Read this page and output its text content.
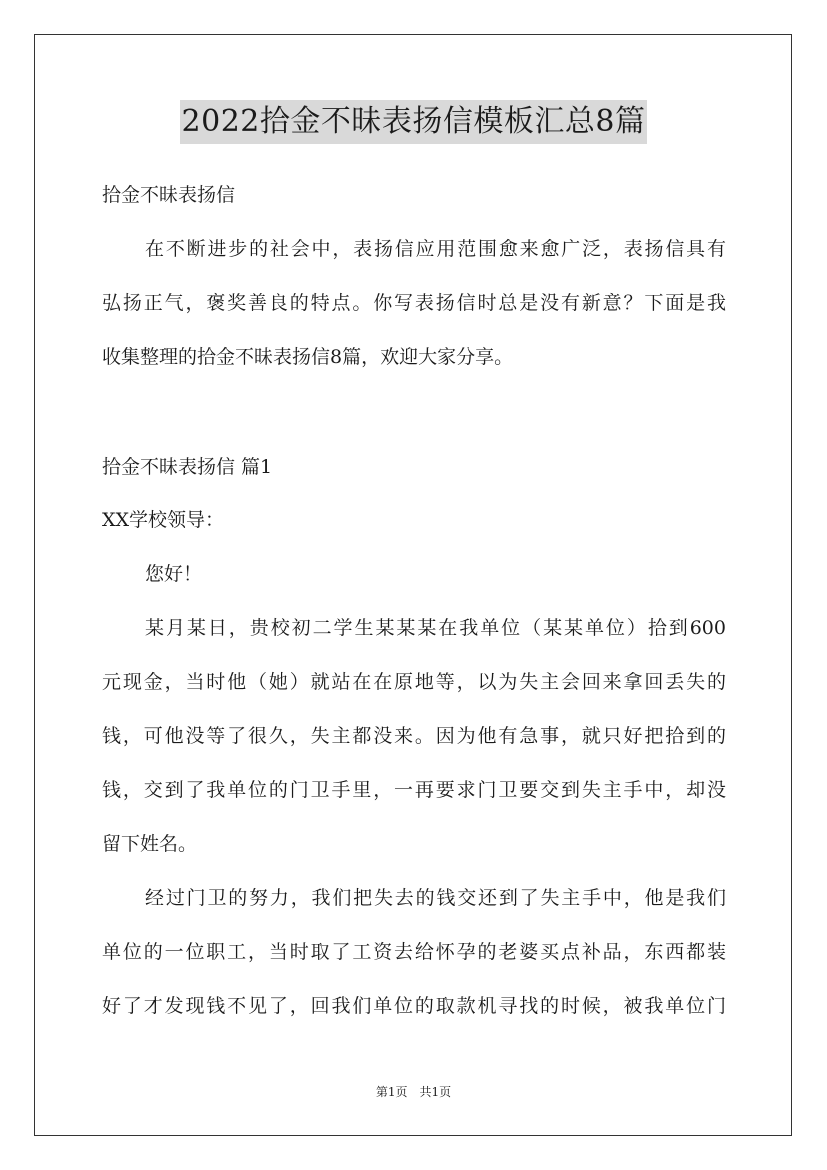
2022拾金不昧表扬信模板汇总8篇
拾金不昧表扬信
在不断进步的社会中，表扬信应用范围愈来愈广泛，表扬信具有
弘扬正气，褒奖善良的特点。你写表扬信时总是没有新意？下面是我
收集整理的拾金不昧表扬信8篇，欢迎大家分享。
拾金不昧表扬信 篇1
XX学校领导：
您好！
某月某日，贵校初二学生某某某在我单位（某某单位）拾到600
元现金，当时他（她）就站在在原地等，以为失主会回来拿回丢失的
钱，可他没等了很久，失主都没来。因为他有急事，就只好把拾到的
钱，交到了我单位的门卫手里，一再要求门卫要交到失主手中，却没
留下姓名。
经过门卫的努力，我们把失去的钱交还到了失主手中，他是我们
单位的一位职工，当时取了工资去给怀孕的老婆买点补品，东西都装
好了才发现钱不见了，回我们单位的取款机寻找的时候，被我单位门
第1页　共1页
